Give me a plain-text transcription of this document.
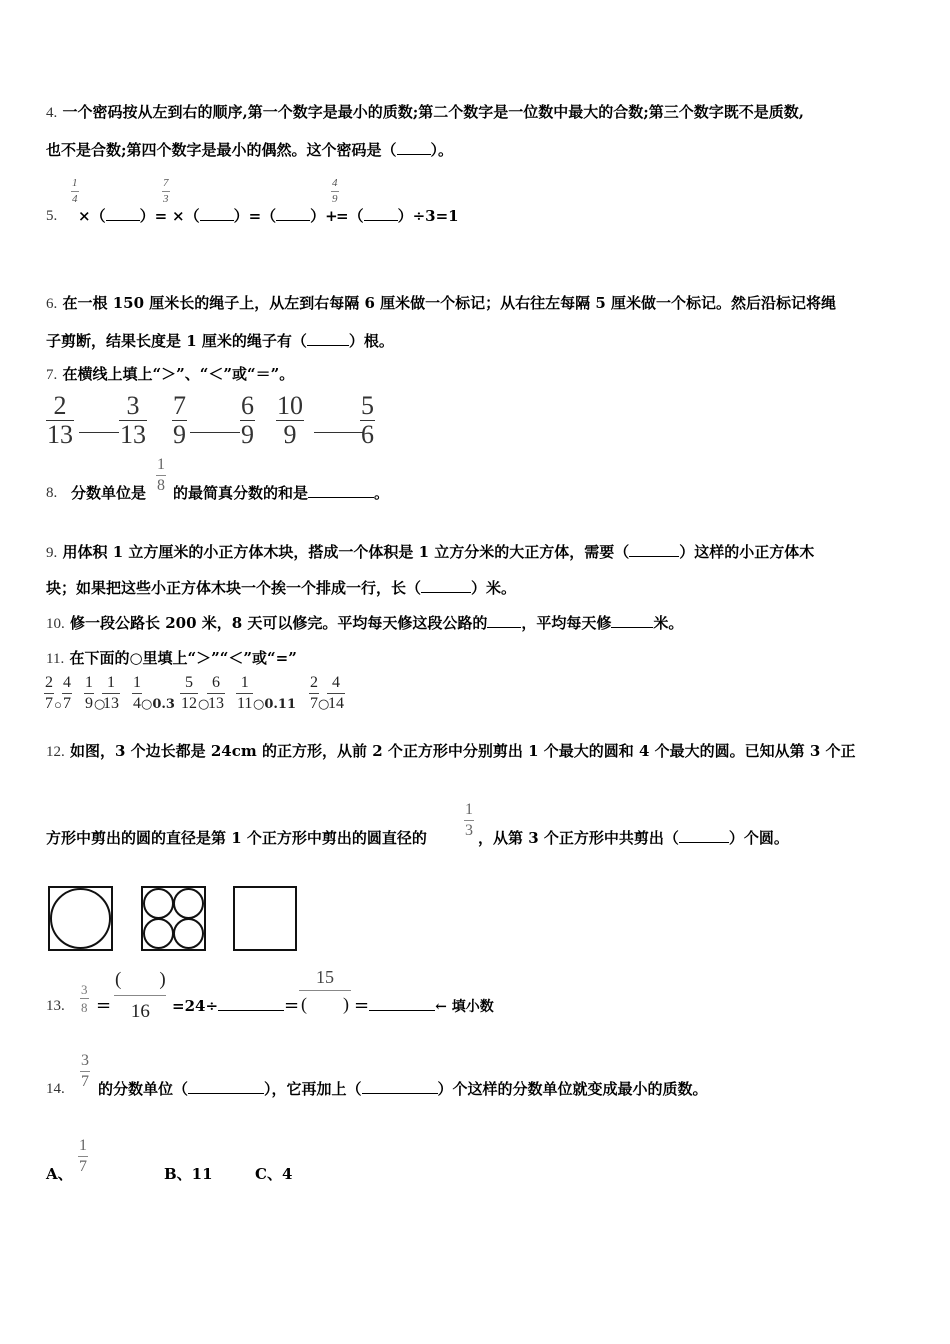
4. 一个密码按从左到右的顺序,第一个数字是最小的质数;第二个数字是一位数中最大的合数;第三个数字既不是质数,
也不是合数;第四个数字是最小的偶然。这个密码是（ ）。
5.
1
4
×（ ）=
7
3
×（ ）=（ ）+
4
9
=（ ）÷3=1
6. 在一根 150 厘米长的绳子上，从左到右每隔 6 厘米做一个标记；从右往左每隔 5 厘米做一个标记。然后沿标记将绳
子剪断，结果长度是 1 厘米的绳子有（	）根。
7. 在横线上填上“＞”、“＜”或“＝”。
2
13
3
13
7
9
6
9
10
9
5
6
8. 分数单位是
1
8 的最简真分数的和是	。
9. 用体积 1 立方厘米的小正方体木块，搭成一个体积是 1 立方分米的大正方体，需要（	）这样的小正方体木
块；如果把这些小正方体木块一个挨一个排成一行，长（	）米。
10. 修一段公路长 200 米，8 天可以修完。平均每天修这段公路的 ，平均每天修	米。
11. 在下面的○里填上“＞”“＜”或“=”
2
7 ○
4
7
1
9 ○
1
13
1
4 ○0.3
5
12 ○
6
13
1
11 ○0.11
2
7 ○
4
14
12. 如图，3 个边长都是 24cm 的正方形，从前 2 个正方形中分别剪出 1 个最大的圆和 4 个最大的圆。已知从第 3 个正
方形中剪出的圆的直径是第 1 个正方形中剪出的圆直径的
1
3 ，从第 3 个正方形中共剪出（	）个圆。
13.
3
8 =
(　　)
16 =24÷	=
15
(　　) =	← 填小数
14.
3
7 的分数单位（	），它再加上（	）个这样的分数单位就变成最小的质数。
A、
1
7	B、11	C、4
